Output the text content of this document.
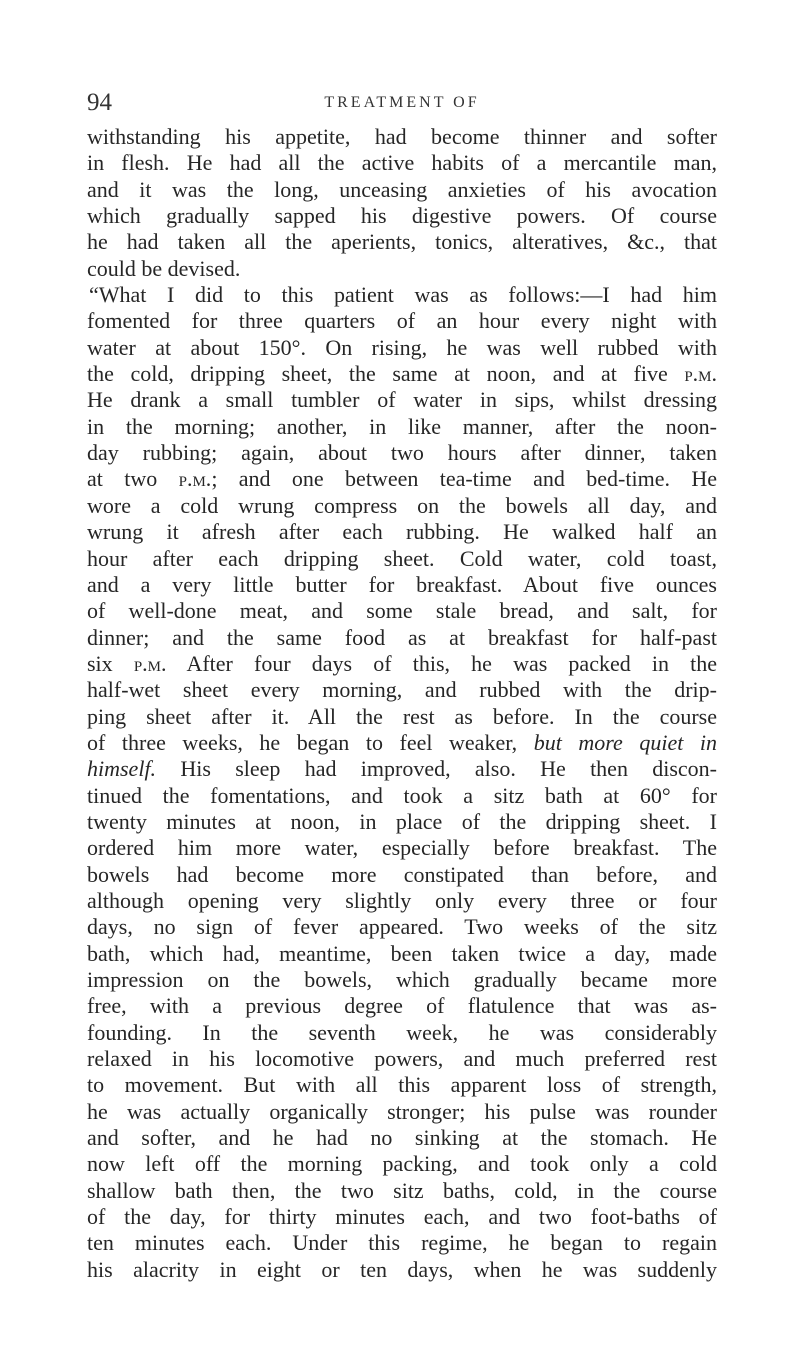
94	TREATMENT OF
withstanding his appetite, had become thinner and softer
in flesh. He had all the active habits of a mercantile man,
and it was the long, unceasing anxieties of his avocation
which gradually sapped his digestive powers. Of course
he had taken all the aperients, tonics, alteratives, &c., that
could be devised.
“What I did to this patient was as follows:—I had him
fomented for three quarters of an hour every night with
water at about 150°. On rising, he was well rubbed with
the cold, dripping sheet, the same at noon, and at five p.m.
He drank a small tumbler of water in sips, whilst dressing
in the morning; another, in like manner, after the noon-
day rubbing; again, about two hours after dinner, taken
at two p.m.; and one between tea-time and bed-time. He
wore a cold wrung compress on the bowels all day, and
wrung it afresh after each rubbing. He walked half an
hour after each dripping sheet. Cold water, cold toast,
and a very little butter for breakfast. About five ounces
of well-done meat, and some stale bread, and salt, for
dinner; and the same food as at breakfast for half-past
six p.m. After four days of this, he was packed in the
half-wet sheet every morning, and rubbed with the drip-
ping sheet after it. All the rest as before. In the course
of three weeks, he began to feel weaker, but more quiet in
himself. His sleep had improved, also. He then discon-
tinued the fomentations, and took a sitz bath at 60° for
twenty minutes at noon, in place of the dripping sheet. I
ordered him more water, especially before breakfast. The
bowels had become more constipated than before, and
although opening very slightly only every three or four
days, no sign of fever appeared. Two weeks of the sitz
bath, which had, meantime, been taken twice a day, made
impression on the bowels, which gradually became more
free, with a previous degree of flatulence that was as-
founding. In the seventh week, he was considerably
relaxed in his locomotive powers, and much preferred rest
to movement. But with all this apparent loss of strength,
he was actually organically stronger; his pulse was rounder
and softer, and he had no sinking at the stomach. He
now left off the morning packing, and took only a cold
shallow bath then, the two sitz baths, cold, in the course
of the day, for thirty minutes each, and two foot-baths of
ten minutes each. Under this regime, he began to regain
his alacrity in eight or ten days, when he was suddenly
